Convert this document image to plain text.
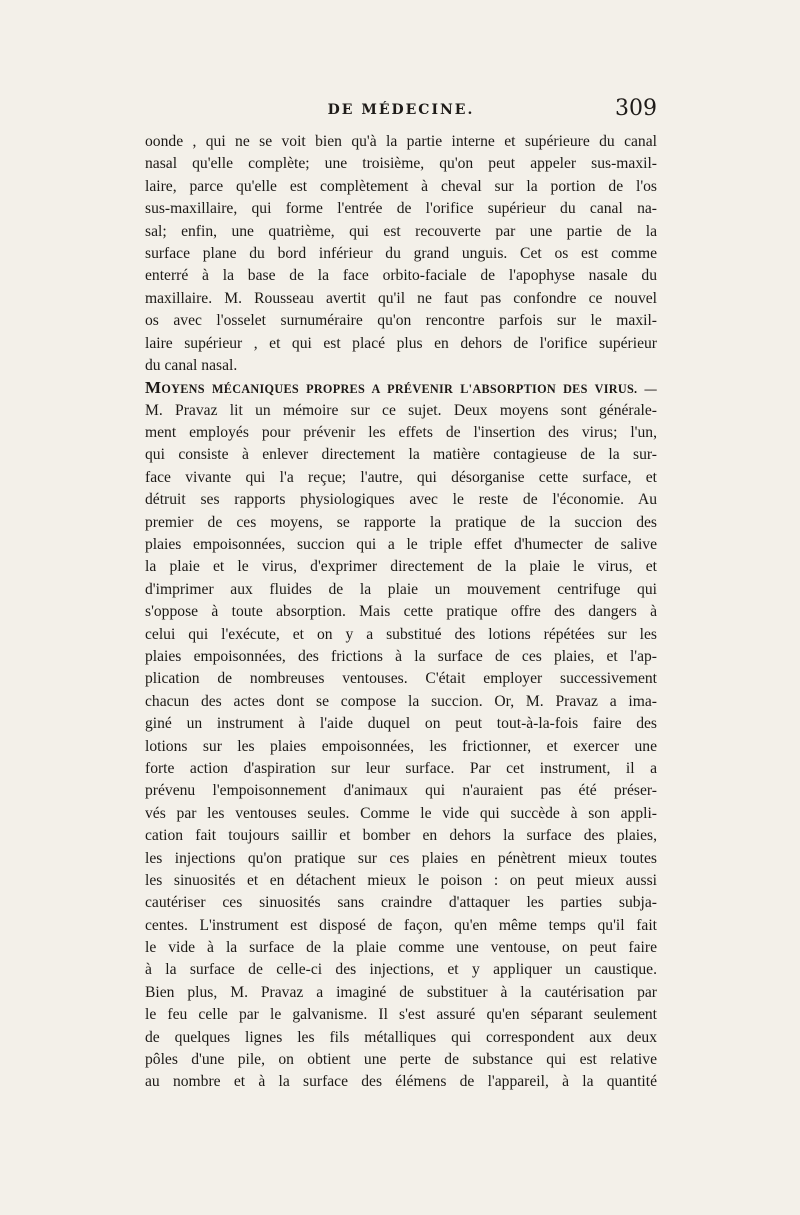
DE MÉDECINE.	309
oonde , qui ne se voit bien qu'à la partie interne et supérieure du canal
nasal qu'elle complète; une troisième, qu'on peut appeler sus-maxil-
laire, parce qu'elle est complètement à cheval sur la portion de l'os
sus-maxillaire, qui forme l'entrée de l'orifice supérieur du canal na-
sal; enfin, une quatrième, qui est recouverte par une partie de la
surface plane du bord inférieur du grand unguis. Cet os est comme
enterré à la base de la face orbito-faciale de l'apophyse nasale du
maxillaire. M. Rousseau avertit qu'il ne faut pas confondre ce nouvel
os avec l'osselet surnuméraire qu'on rencontre parfois sur le maxil-
laire supérieur , et qui est placé plus en dehors de l'orifice supérieur
du canal nasal.
MOYENS MÉCANIQUES PROPRES A PRÉVENIR L'ABSORPTION DES VIRUS. —
M. Pravaz lit un mémoire sur ce sujet. Deux moyens sont générale-
ment employés pour prévenir les effets de l'insertion des virus; l'un,
qui consiste à enlever directement la matière contagieuse de la sur-
face vivante qui l'a reçue; l'autre, qui désorganise cette surface, et
détruit ses rapports physiologiques avec le reste de l'économie. Au
premier de ces moyens, se rapporte la pratique de la succion des
plaies empoisonnées, succion qui a le triple effet d'humecter de salive
la plaie et le virus, d'exprimer directement de la plaie le virus, et
d'imprimer aux fluides de la plaie un mouvement centrifuge qui
s'oppose à toute absorption. Mais cette pratique offre des dangers à
celui qui l'exécute, et on y a substitué des lotions répétées sur les
plaies empoisonnées, des frictions à la surface de ces plaies, et l'ap-
plication de nombreuses ventouses. C'était employer successivement
chacun des actes dont se compose la succion. Or, M. Pravaz a ima-
giné un instrument à l'aide duquel on peut tout-à-la-fois faire des
lotions sur les plaies empoisonnées, les frictionner, et exercer une
forte action d'aspiration sur leur surface. Par cet instrument, il a
prévenu l'empoisonnement d'animaux qui n'auraient pas été préser-
vés par les ventouses seules. Comme le vide qui succède à son appli-
cation fait toujours saillir et bomber en dehors la surface des plaies,
les injections qu'on pratique sur ces plaies en pénètrent mieux toutes
les sinuosités et en détachent mieux le poison : on peut mieux aussi
cautériser ces sinuosités sans craindre d'attaquer les parties subja-
centes. L'instrument est disposé de façon, qu'en même temps qu'il fait
le vide à la surface de la plaie comme une ventouse, on peut faire
à la surface de celle-ci des injections, et y appliquer un caustique.
Bien plus, M. Pravaz a imaginé de substituer à la cautérisation par
le feu celle par le galvanisme. Il s'est assuré qu'en séparant seulement
de quelques lignes les fils métalliques qui correspondent aux deux
pôles d'une pile, on obtient une perte de substance qui est relative
au nombre et à la surface des élémens de l'appareil, à la quantité
